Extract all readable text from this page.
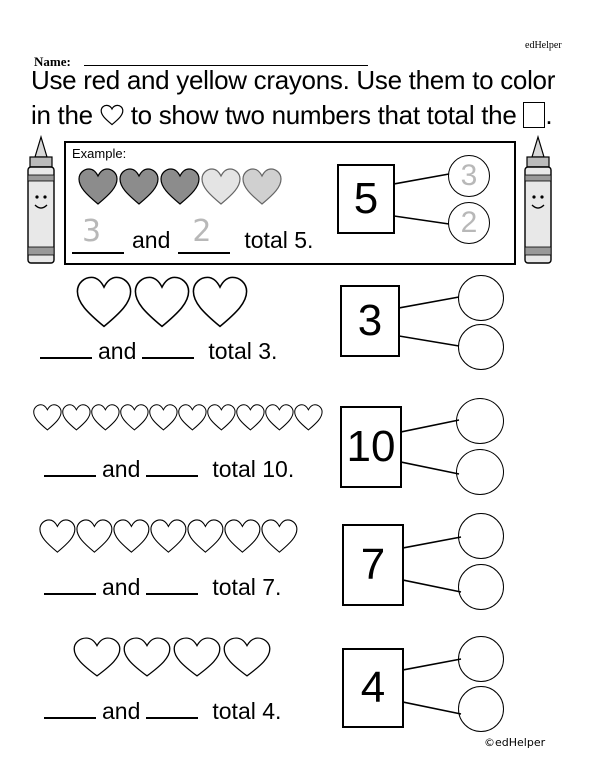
edHelper
Name:
Use red and yellow crayons. Use them to color
in the to show two numbers that total the .
Example:
3 and 2 total 5.
5	3
2
and	total 3.
3
and	total 10. 10
and	total 7.	7
and	total 4.	4
©edHelper
